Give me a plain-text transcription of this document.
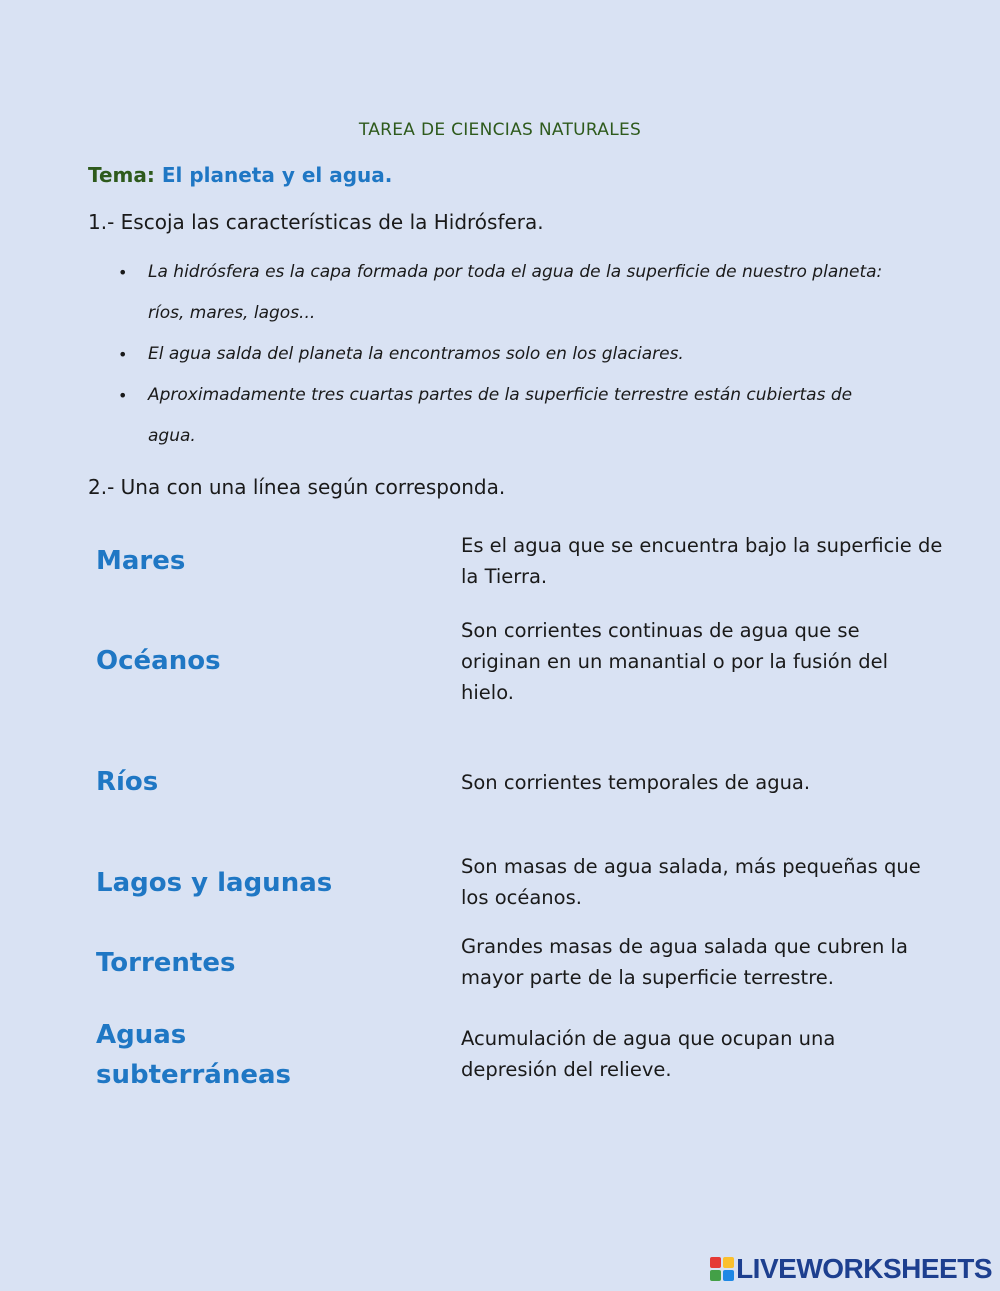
TAREA DE CIENCIAS NATURALES
Tema: El planeta y el agua.
1.- Escoja las características de la Hidrósfera.
• La hidrósfera es la capa formada por toda el agua de la superficie de nuestro planeta: ríos, mares, lagos...
• El agua salda del planeta la encontramos solo en los glaciares.
• Aproximadamente tres cuartas partes de la superficie terrestre están cubiertas de agua.
2.- Una con una línea según corresponda.
Mares
Océanos
Ríos
Lagos y lagunas
Torrentes
Aguas subterráneas
Es el agua que se encuentra bajo la superficie de la Tierra.
Son corrientes continuas de agua que se originan en un manantial o por la fusión del hielo.
Son corrientes temporales de agua.
Son masas de agua salada, más pequeñas que los océanos.
Grandes masas de agua salada que cubren la mayor parte de la superficie terrestre.
Acumulación de agua que ocupan una depresión del relieve.
LIVEWORKSHEETS
